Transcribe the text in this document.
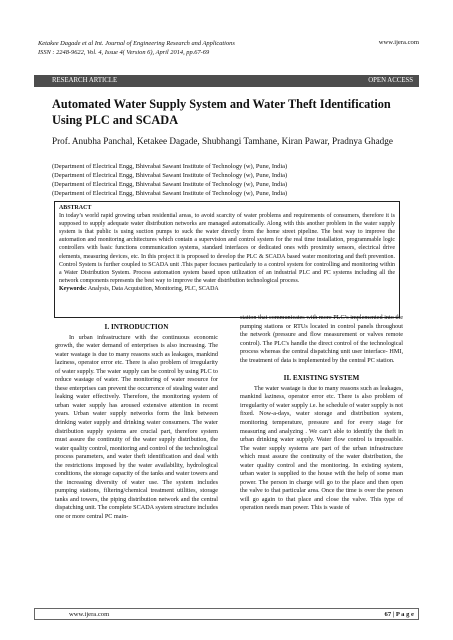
Ketakee Dagade et al Int. Journal of Engineering Research and Applications
ISSN : 2248-9622, Vol. 4, Issue 4( Version 6), April 2014, pp.67-69
www.ijera.com
RESEARCH ARTICLE	OPEN ACCESS
Automated Water Supply System and Water Theft Identification Using PLC and SCADA
Prof. Anubha Panchal, Ketakee Dagade, Shubhangi Tamhane, Kiran Pawar, Pradnya Ghadge
(Department of Electrical Engg, Bhivrabai Sawant Institute of Technology (w), Pune, India)
(Department of Electrical Engg, Bhivrabai Sawant Institute of Technology (w), Pune, India)
(Department of Electrical Engg, Bhivrabai Sawant Institute of Technology (w), Pune, India)
(Department of Electrical Engg, Bhivrabai Sawant Institute of Technology (w), Pune, India)
ABSTRACT
In today’s world rapid growing urban residential areas, to avoid scarcity of water problems and requirements of consumers, therefore it is supposed to supply adequate water distribution networks are managed automatically. Along with this another problem in the water supply system is that public is using suction pumps to suck the water directly from the home street pipeline. The best way to improve the automation and monitoring architectures which contain a supervision and control system for the real time installation, programmable logic controllers with basic functions communication systems, standard interfaces or dedicated ones with proximity sensors, electrical drive elements, measuring devices, etc. In this project it is proposed to develop the PLC & SCADA based water monitoring and theft prevention. Control System is further coupled to SCADA unit .This paper focuses particularly to a control system for controlling and monitoring within a Water Distribution System. Process automation system based upon utilization of an industrial PLC and PC systems including all the network components represents the best way to improve the water distribution technological process.
Keywords: Analysis, Data Acquisition, Monitoring, PLC, SCADA
I. INTRODUCTION

In urban infrastructure with the continuous economic growth, the water demand of enterprises is also increasing. The water wastage is due to many reasons such as leakages, mankind laziness, operator error etc. There is also problem of irregularity of water supply. The water supply can be control by using PLC to reduce wastage of water. The monitoring of water resource for these enterprises can prevent the occurrence of stealing water and leaking water effectively. Therefore, the monitoring system of urban water supply has aroused extensive attention in recent years. Urban water supply networks form the link between drinking water supply and drinking water consumers. The water distribution supply systems are crucial part, therefore system must assure the continuity of the water supply distribution, the water quality control, monitoring and control of the technological process parameters, and water theft identification and deal with the restrictions imposed by the water availability, hydrological conditions, the storage capacity of the tanks and water towers and the increasing diversity of water use. The system includes pumping stations, filtering/chemical treatment utilities, storage tanks and towers, the piping distribution network and the central dispatching unit. The complete SCADA system structure includes one or more central PC main-

station that communicates with more PLC’s implemented into the pumping stations or RTUs located in control panels throughout the network (pressure and flow measurement or valves remote control). The PLC's handle the direct control of the technological process whereas the central dispatching unit user interface- HMI, the treatment of data is implemented by the central PC station.

II. EXISTING SYSTEM

The water wastage is due to many reasons such as leakages, mankind laziness, operator error etc. There is also problem of irregularity of water supply i.e. he schedule of water supply is not fixed. Now-a-days, water storage and distribution system, monitoring temperature, pressure and for every stage for measuring and analyzing . We can’t able to identify the theft in urban drinking water supply. Water flow control is impossible. The water supply systems are part of the urban infrastructure which must assure the continuity of the water distribution, the water quality control and the monitoring. In existing system, urban water is supplied to the house with the help of some man power. The person in charge will go to the place and then open the valve to that particular area. Once the time is over the person will go again to that place and close the valve. This type of operation needs man power. This is waste of

www.ijera.com	67 | P a g e
